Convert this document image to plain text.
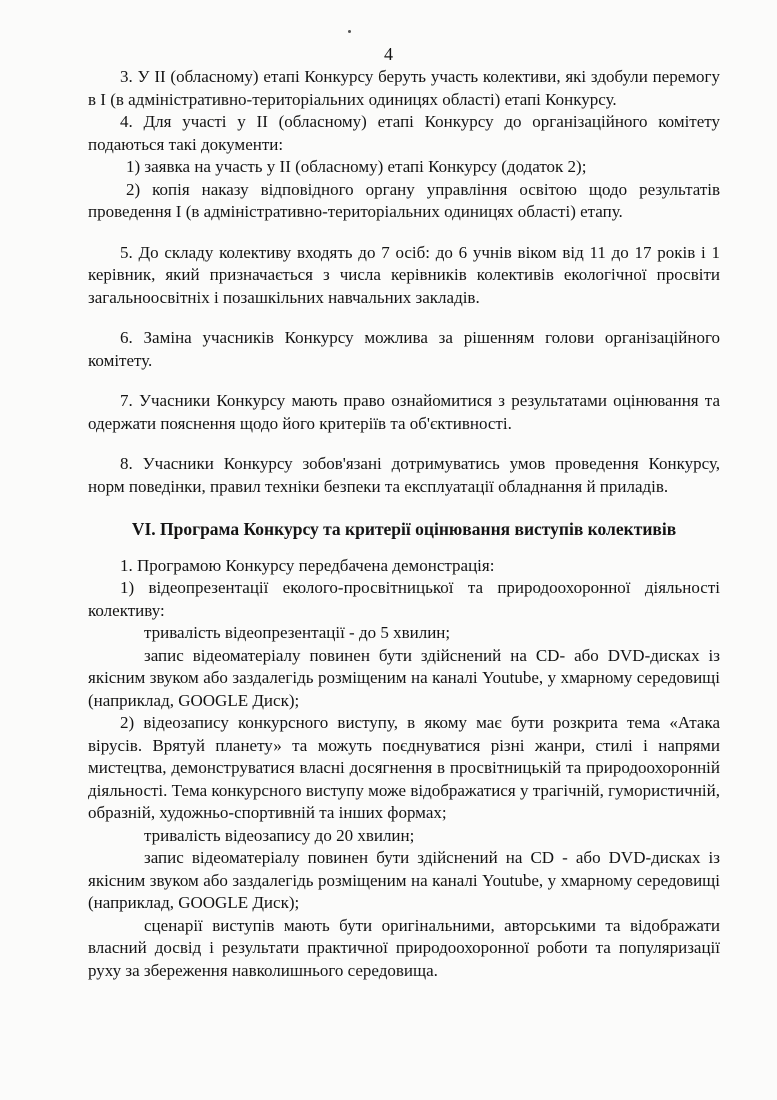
4

3. У ІІ (обласному) етапі Конкурсу беруть участь колективи, які здобули перемогу в І (в адміністративно-територіальних одиницях області) етапі Конкурсу.

4. Для участі у ІІ (обласному) етапі Конкурсу до організаційного комітету подаються такі документи:

1) заявка на участь у ІІ (обласному) етапі Конкурсу (додаток 2);

2) копія наказу відповідного органу управління освітою щодо результатів проведення І (в адміністративно-територіальних одиницях області) етапу.

5. До складу колективу входять до 7 осіб: до 6 учнів віком від 11 до 17 років і 1 керівник, який призначається з числа керівників колективів екологічної просвіти загальноосвітніх і позашкільних навчальних закладів.

6. Заміна учасників Конкурсу можлива за рішенням голови організаційного комітету.

7. Учасники Конкурсу мають право ознайомитися з результатами оцінювання та одержати пояснення щодо його критеріїв та об'єктивності.

8. Учасники Конкурсу зобов'язані дотримуватись умов проведення Конкурсу, норм поведінки, правил техніки безпеки та експлуатації обладнання й приладів.

VІ. Програма Конкурсу та критерії оцінювання виступів колективів

1. Програмою Конкурсу передбачена демонстрація:

1) відеопрезентації еколого-просвітницької та природоохоронної діяльності колективу:

тривалість відеопрезентації - до 5 хвилин;

запис відеоматеріалу повинен бути здійснений на CD- або DVD-дисках із якісним звуком або заздалегідь розміщеним на каналі Youtube, у хмарному середовищі (наприклад, GOOGLE Диск);

2) відеозапису конкурсного виступу, в якому має бути розкрита тема «Атака вірусів. Врятуй планету» та можуть поєднуватися різні жанри, стилі і напрями мистецтва, демонструватися власні досягнення в просвітницькій та природоохоронній діяльності. Тема конкурсного виступу може відображатися у трагічній, гумористичній, образній, художньо-спортивній та інших формах;

тривалість відеозапису до 20 хвилин;

запис відеоматеріалу повинен бути здійснений на CD - або DVD-дисках із якісним звуком або заздалегідь розміщеним на каналі Youtube, у хмарному середовищі (наприклад, GOOGLE Диск);

сценарії виступів мають бути оригінальними, авторськими та відображати власний досвід і результати практичної природоохоронної роботи та популяризації руху за збереження навколишнього середовища.
